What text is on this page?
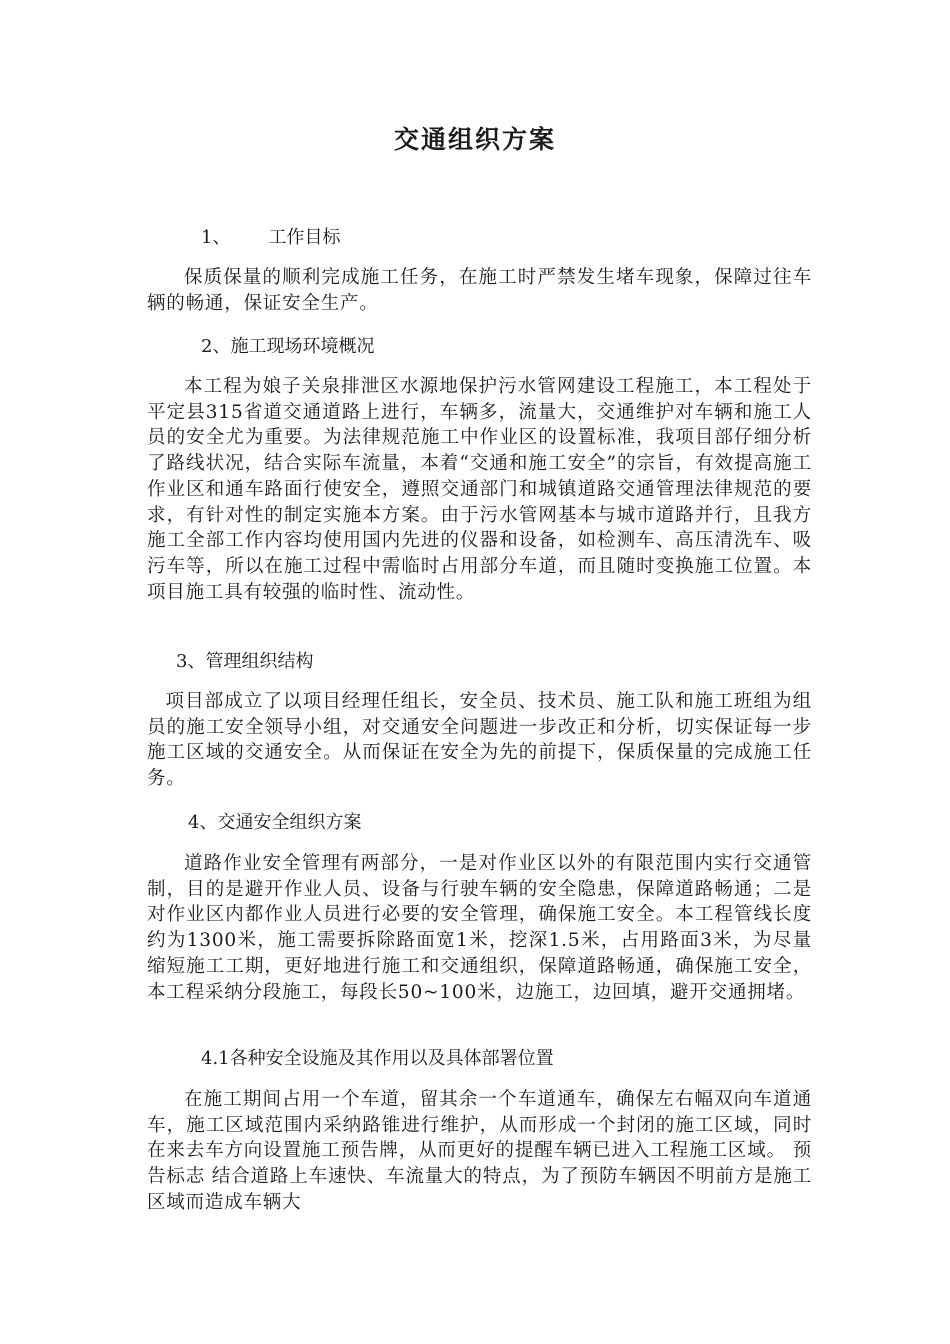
交通组织方案
1、 工作目标
保质保量的顺利完成施工任务，在施工时严禁发生堵车现象，保障过往车辆的畅通，保证安全生产。
2、施工现场环境概况
本工程为娘子关泉排泄区水源地保护污水管网建设工程施工，本工程处于平定县315省道交通道路上进行，车辆多，流量大，交通维护对车辆和施工人员的安全尤为重要。为法律规范施工中作业区的设置标准，我项目部仔细分析了路线状况，结合实际车流量，本着“交通和施工安全”的宗旨，有效提高施工作业区和通车路面行使安全，遵照交通部门和城镇道路交通管理法律规范的要求，有针对性的制定实施本方案。由于污水管网基本与城市道路并行，且我方施工全部工作内容均使用国内先进的仪器和设备，如检测车、高压清洗车、吸污车等，所以在施工过程中需临时占用部分车道，而且随时变换施工位置。本项目施工具有较强的临时性、流动性。
3、管理组织结构
项目部成立了以项目经理任组长，安全员、技术员、施工队和施工班组为组员的施工安全领导小组，对交通安全问题进一步改正和分析，切实保证每一步施工区域的交通安全。从而保证在安全为先的前提下，保质保量的完成施工任务。
4、交通安全组织方案
道路作业安全管理有两部分，一是对作业区以外的有限范围内实行交通管制，目的是避开作业人员、设备与行驶车辆的安全隐患，保障道路畅通；二是对作业区内都作业人员进行必要的安全管理，确保施工安全。本工程管线长度约为1300米，施工需要拆除路面宽1米，挖深1.5米，占用路面3米，为尽量缩短施工工期，更好地进行施工和交通组织，保障道路畅通，确保施工安全，本工程采纳分段施工，每段长50~100米，边施工，边回填，避开交通拥堵。
4.1各种安全设施及其作用以及具体部署位置
在施工期间占用一个车道，留其余一个车道通车，确保左右幅双向车道通车，施工区域范围内采纳路锥进行维护，从而形成一个封闭的施工区域，同时在来去车方向设置施工预告牌，从而更好的提醒车辆已进入工程施工区域。 预告标志 结合道路上车速快、车流量大的特点，为了预防车辆因不明前方是施工区域而造成车辆大
